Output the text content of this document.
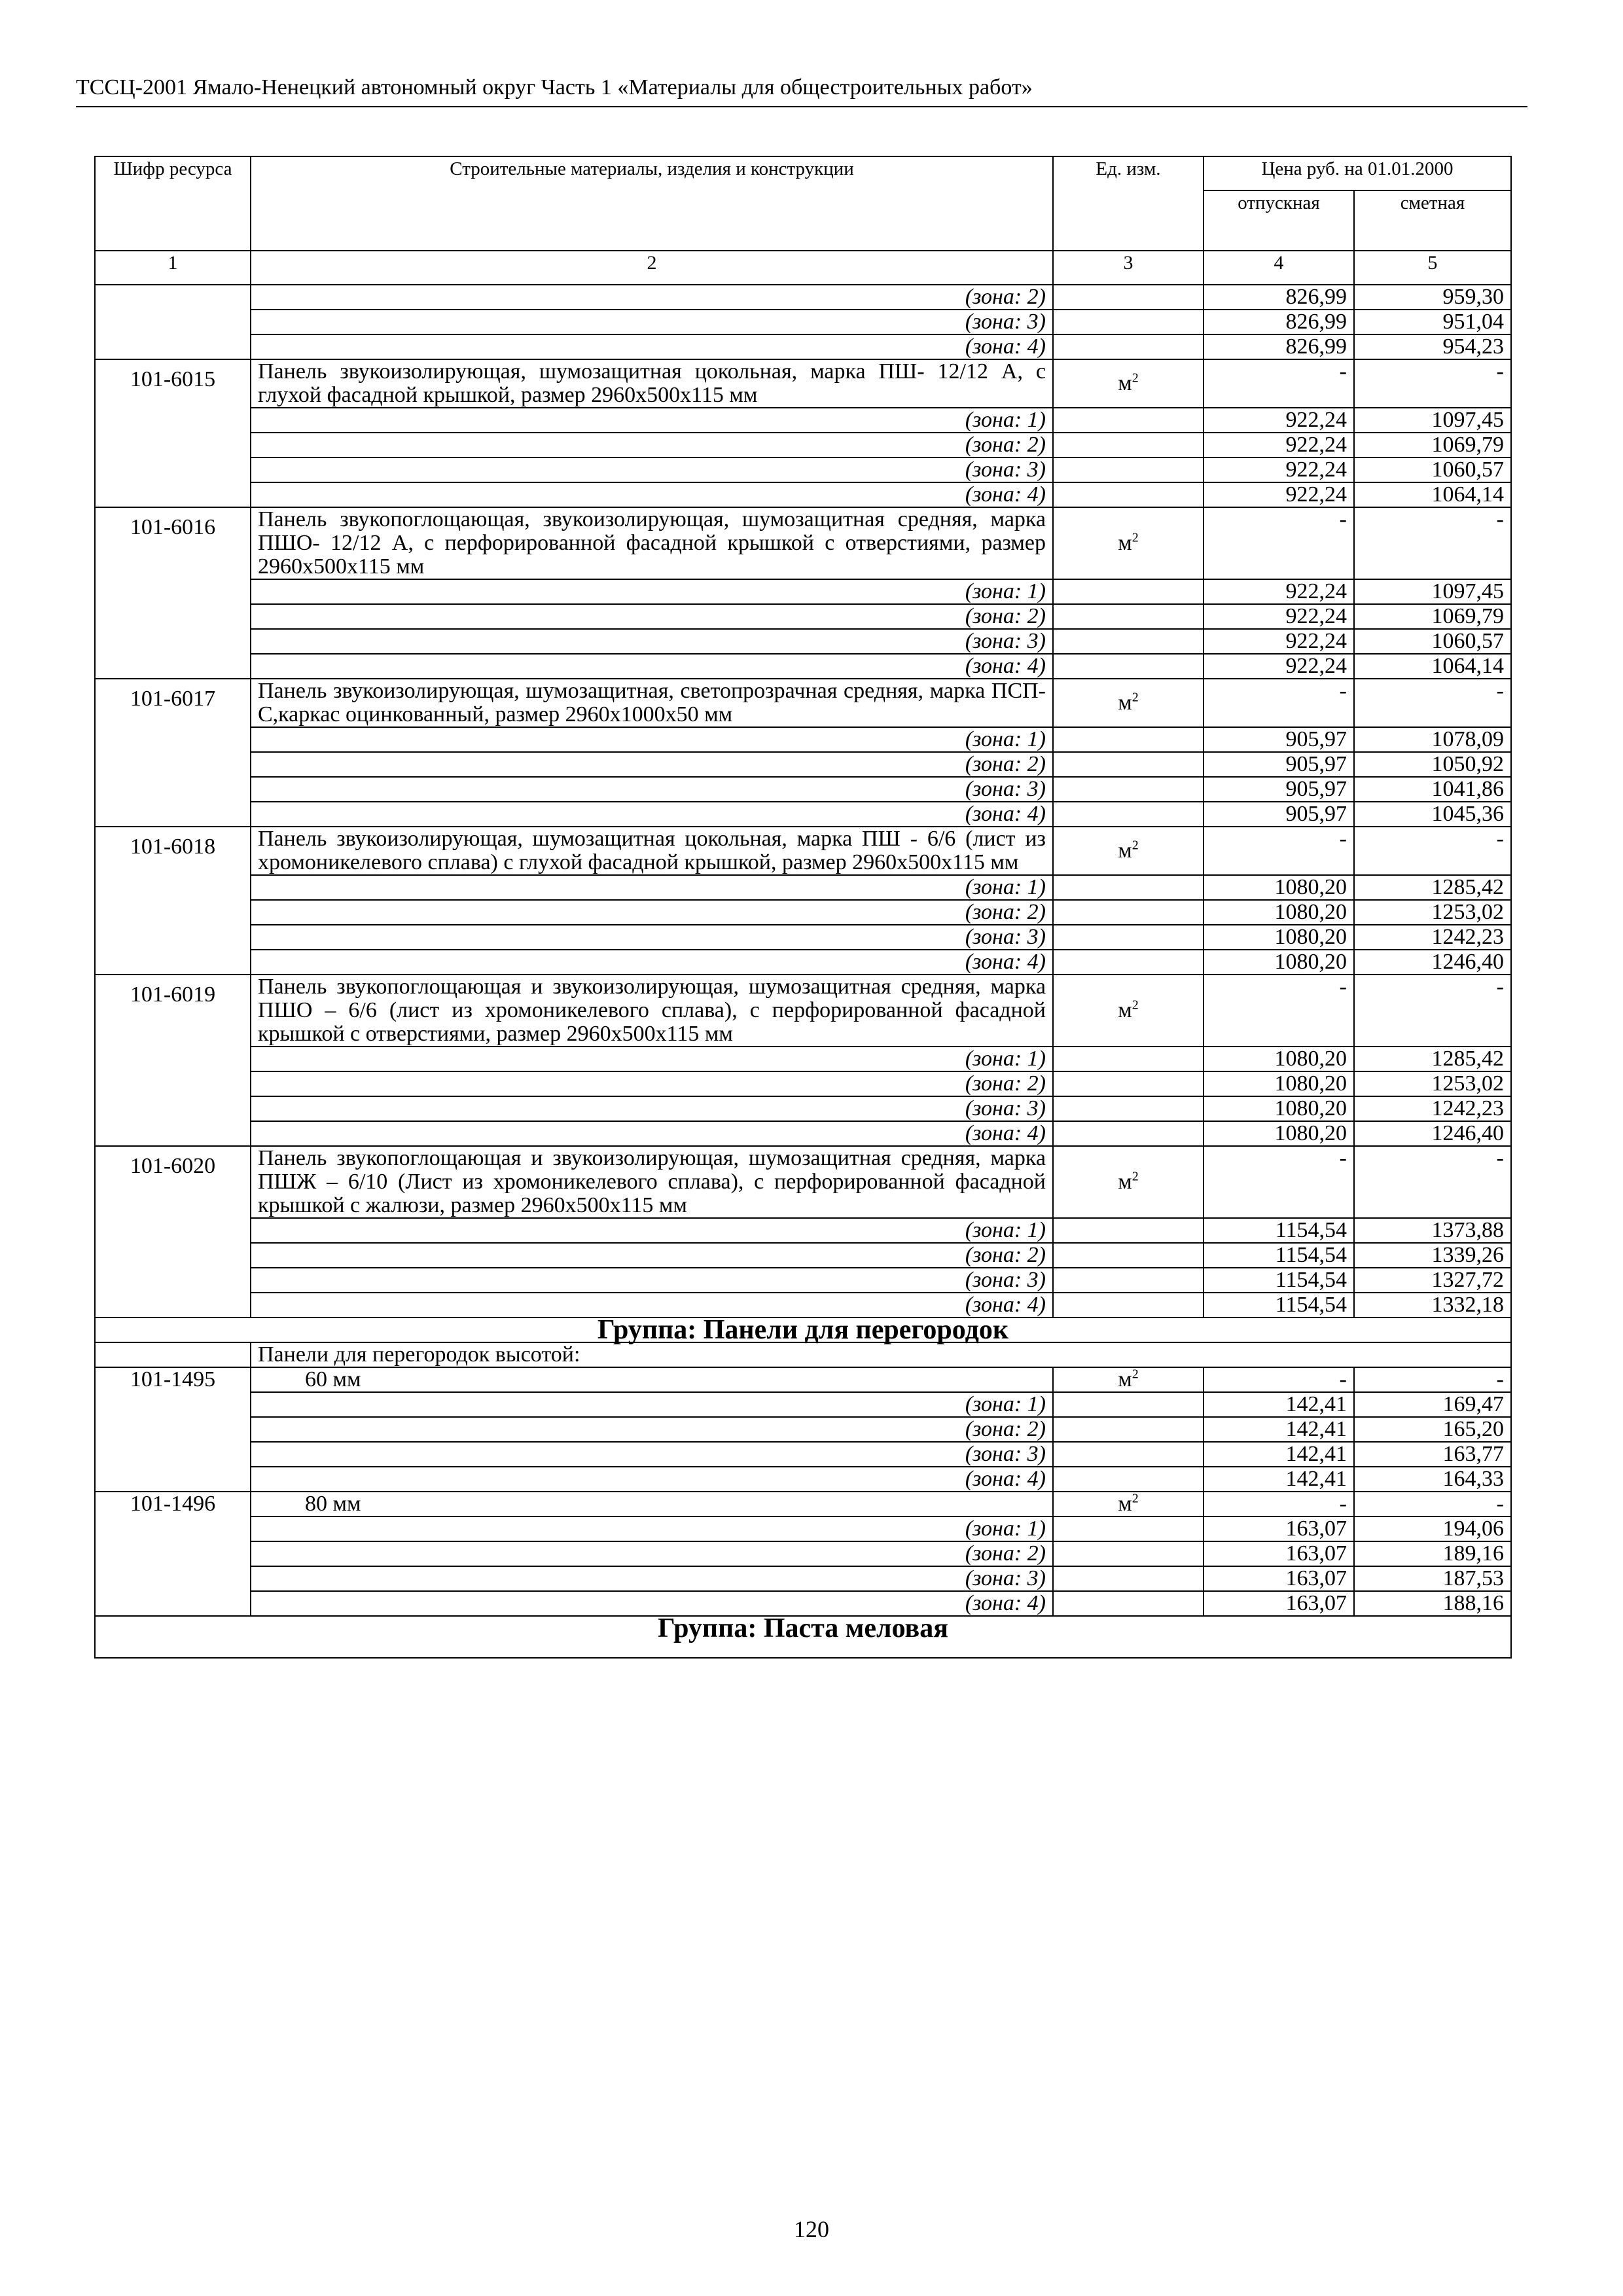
ТССЦ-2001 Ямало-Ненецкий автономный округ Часть 1 «Материалы для общестроительных работ»
Шифр ресурса	Строительные материалы, изделия и конструкции	Ед. изм.	Цена руб. на 01.01.2000	
			отпускная	сметная
1	2	3	4	5
	(зона: 2)		826,99	959,30
	(зона: 3)		826,99	951,04
	(зона: 4)		826,99	954,23
101-6015	Панель звукоизолирующая, шумозащитная цокольная, марка ПШ- 12/12 А, с глухой фасадной крышкой, размер 2960х500х115 мм	$м^2$	-	-
	(зона: 1)		922,24	1097,45
	(зона: 2)		922,24	1069,79
	(зона: 3)		922,24	1060,57
	(зона: 4)		922,24	1064,14
101-6016	Панель звукопоглощающая, звукоизолирующая, шумозащитная средняя, марка ПШО- 12/12 А, с перфорированной фасадной крышкой с отверстиями, размер 2960х500х115 мм	$м^2$	-	-
	(зона: 1)		922,24	1097,45
	(зона: 2)		922,24	1069,79
	(зона: 3)		922,24	1060,57
	(зона: 4)		922,24	1064,14
101-6017	Панель звукоизолирующая, шумозащитная, светопрозрачная средняя, марка ПСП-С,каркас оцинкованный, размер 2960х1000х50 мм	$м^2$	-	-
	(зона: 1)		905,97	1078,09
	(зона: 2)		905,97	1050,92
	(зона: 3)		905,97	1041,86
	(зона: 4)		905,97	1045,36
101-6018	Панель звукоизолирующая, шумозащитная цокольная, марка ПШ - 6/6 (лист из хромоникелевого сплава) с глухой фасадной крышкой, размер 2960х500х115 мм	$м^2$	-	-
	(зона: 1)		1080,20	1285,42
	(зона: 2)		1080,20	1253,02
	(зона: 3)		1080,20	1242,23
	(зона: 4)		1080,20	1246,40
101-6019	Панель звукопоглощающая и звукоизолирующая, шумозащитная средняя, марка ПШО – 6/6 (лист из хромоникелевого сплава), с перфорированной фасадной крышкой с отверстиями, размер 2960х500х115 мм	$м^2$	-	-
	(зона: 1)		1080,20	1285,42
	(зона: 2)		1080,20	1253,02
	(зона: 3)		1080,20	1242,23
	(зона: 4)		1080,20	1246,40
101-6020	Панель звукопоглощающая и звукоизолирующая, шумозащитная средняя, марка ПШЖ – 6/10 (Лист из хромоникелевого сплава), с перфорированной фасадной крышкой с жалюзи, размер 2960х500х115 мм	$м^2$	-	-
	(зона: 1)		1154,54	1373,88
	(зона: 2)		1154,54	1339,26
	(зона: 3)		1154,54	1327,72
	(зона: 4)		1154,54	1332,18
Группа: Панели для перегородок				
	Панели для перегородок высотой:			
101-1495	60 мм	$м^2$	-	-
	(зона: 1)		142,41	169,47
	(зона: 2)		142,41	165,20
	(зона: 3)		142,41	163,77
	(зона: 4)		142,41	164,33
101-1496	80 мм	$м^2$	-	-
	(зона: 1)		163,07	194,06
	(зона: 2)		163,07	189,16
	(зона: 3)		163,07	187,53
	(зона: 4)		163,07	188,16
Группа: Паста меловая				
120
